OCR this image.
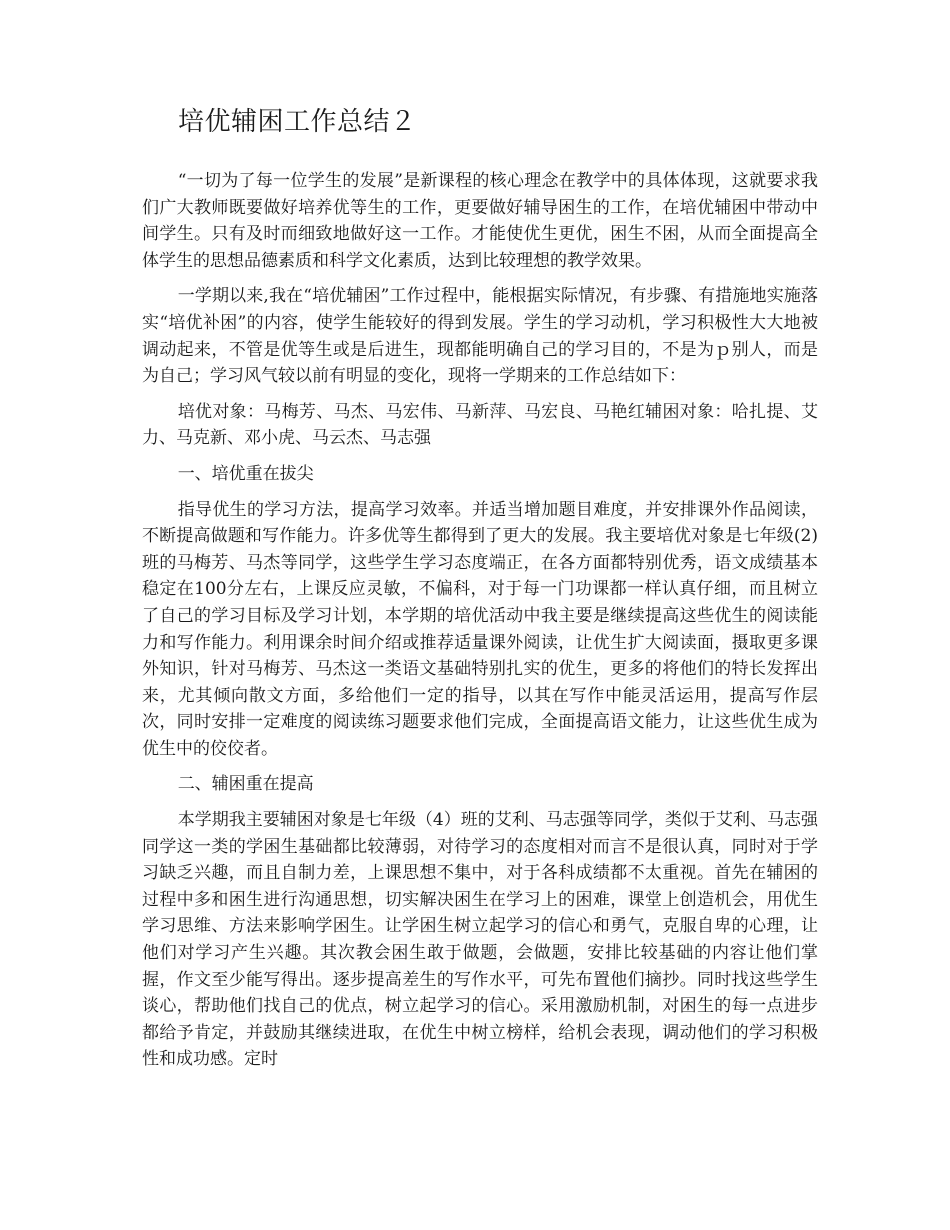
培优辅困工作总结２

“一切为了每一位学生的发展”是新课程的核心理念在教学中的具体体现，这就要求我们广大教师既要做好培养优等生的工作，更要做好辅导困生的工作，在培优辅困中带动中间学生。只有及时而细致地做好这一工作。才能使优生更优，困生不困，从而全面提高全体学生的思想品德素质和科学文化素质，达到比较理想的教学效果。

一学期以来,我在“培优辅困”工作过程中，能根据实际情况，有步骤、有措施地实施落实“培优补困”的内容，使学生能较好的得到发展。学生的学习动机，学习积极性大大地被调动起来，不管是优等生或是后进生，现都能明确自己的学习目的，不是为ｐ别人，而是为自己；学习风气较以前有明显的变化，现将一学期来的工作总结如下：

培优对象：马梅芳、马杰、马宏伟、马新萍、马宏良、马艳红辅困对象：哈扎提、艾力、马克新、邓小虎、马云杰、马志强

一、培优重在拔尖

指导优生的学习方法，提高学习效率。并适当增加题目难度，并安排课外作品阅读，不断提高做题和写作能力。许多优等生都得到了更大的发展。我主要培优对象是七年级(2)班的马梅芳、马杰等同学，这些学生学习态度端正，在各方面都特别优秀，语文成绩基本稳定在100分左右，上课反应灵敏，不偏科，对于每一门功课都一样认真仔细，而且树立了自己的学习目标及学习计划，本学期的培优活动中我主要是继续提高这些优生的阅读能力和写作能力。利用课余时间介绍或推荐适量课外阅读，让优生扩大阅读面，摄取更多课外知识，针对马梅芳、马杰这一类语文基础特别扎实的优生，更多的将他们的特长发挥出来，尤其倾向散文方面，多给他们一定的指导，以其在写作中能灵活运用，提高写作层次，同时安排一定难度的阅读练习题要求他们完成，全面提高语文能力，让这些优生成为优生中的佼佼者。

二、辅困重在提高

本学期我主要辅困对象是七年级（4）班的艾利、马志强等同学，类似于艾利、马志强同学这一类的学困生基础都比较薄弱，对待学习的态度相对而言不是很认真，同时对于学习缺乏兴趣，而且自制力差，上课思想不集中，对于各科成绩都不太重视。首先在辅困的过程中多和困生进行沟通思想，切实解决困生在学习上的困难，课堂上创造机会，用优生学习思维、方法来影响学困生。让学困生树立起学习的信心和勇气，克服自卑的心理，让他们对学习产生兴趣。其次教会困生敢于做题，会做题，安排比较基础的内容让他们掌握，作文至少能写得出。逐步提高差生的写作水平，可先布置他们摘抄。同时找这些学生谈心，帮助他们找自己的优点，树立起学习的信心。采用激励机制，对困生的每一点进步都给予肯定，并鼓励其继续进取，在优生中树立榜样，给机会表现，调动他们的学习积极性和成功感。定时
